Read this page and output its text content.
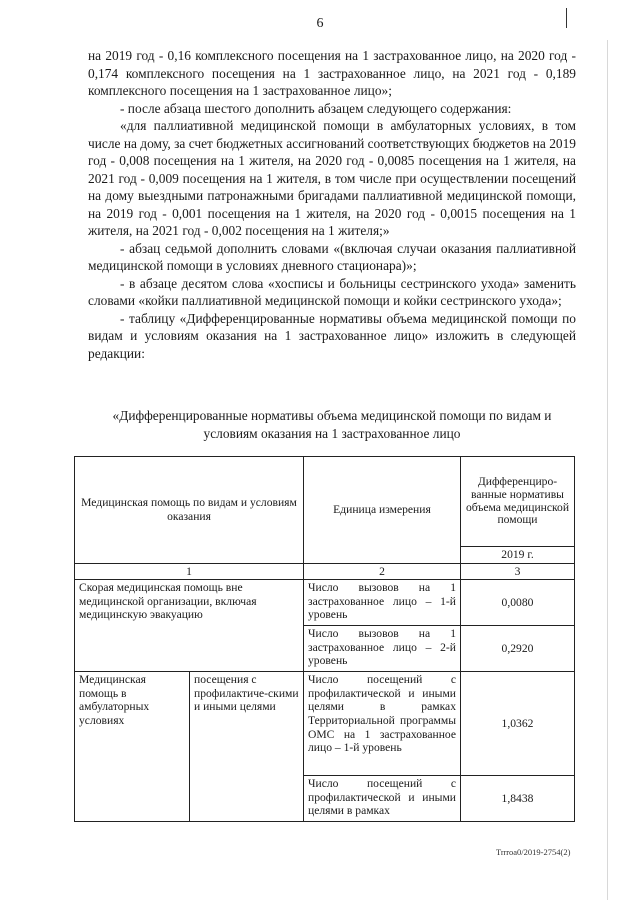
6

на 2019 год - 0,16 комплексного посещения на 1 застрахованное лицо, на 2020 год - 0,174 комплексного посещения на 1 застрахованное лицо, на 2021 год - 0,189 комплексного посещения на 1 застрахованное лицо»;

- после абзаца шестого дополнить абзацем следующего содержания:

«для паллиативной медицинской помощи в амбулаторных условиях, в том числе на дому, за счет бюджетных ассигнований соответствующих бюджетов на 2019 год - 0,008 посещения на 1 жителя, на 2020 год - 0,0085 посещения на 1 жителя, на 2021 год - 0,009 посещения на 1 жителя, в том числе при осуществлении посещений на дому выездными патронажными бригадами паллиативной медицинской помощи, на 2019 год - 0,001 посещения на 1 жителя, на 2020 год - 0,0015 посещения на 1 жителя, на 2021 год - 0,002 посещения на 1 жителя;»

- абзац седьмой дополнить словами «(включая случаи оказания паллиативной медицинской помощи в условиях дневного стационара)»;

- в абзаце десятом слова «хосписы и больницы сестринского ухода» заменить словами «койки паллиативной медицинской помощи и койки сестринского ухода»;

- таблицу «Дифференцированные нормативы объема медицинской помощи по видам и условиям оказания на 1 застрахованное лицо» изложить в следующей редакции:

«Дифференцированные нормативы объема медицинской помощи по видам и условиям оказания на 1 застрахованное лицо
Медицинская помощь по видам и условиям оказания		Единица измерения	Дифференциро-ванные нормативы объема медицинской помощи
			2019 г.
1		2	3
Скорая медицинская помощь вне медицинской организации, включая медицинскую эвакуацию		Число вызовов на 1 застрахованное лицо – 1-й уровень	0,0080
		Число вызовов на 1 застрахованное лицо – 2-й уровень	0,2920
Медицинская помощь в амбулаторных условиях	посещения с профилактиче-скими и иными целями	Число посещений с профилактической и иными целями в рамках Территориальной программы ОМС на 1 застрахованное лицо – 1-й уровень	1,0362
		Число посещений с профилактической и иными целями в рамках	1,8438
Тптоа0/2019-2754(2)
